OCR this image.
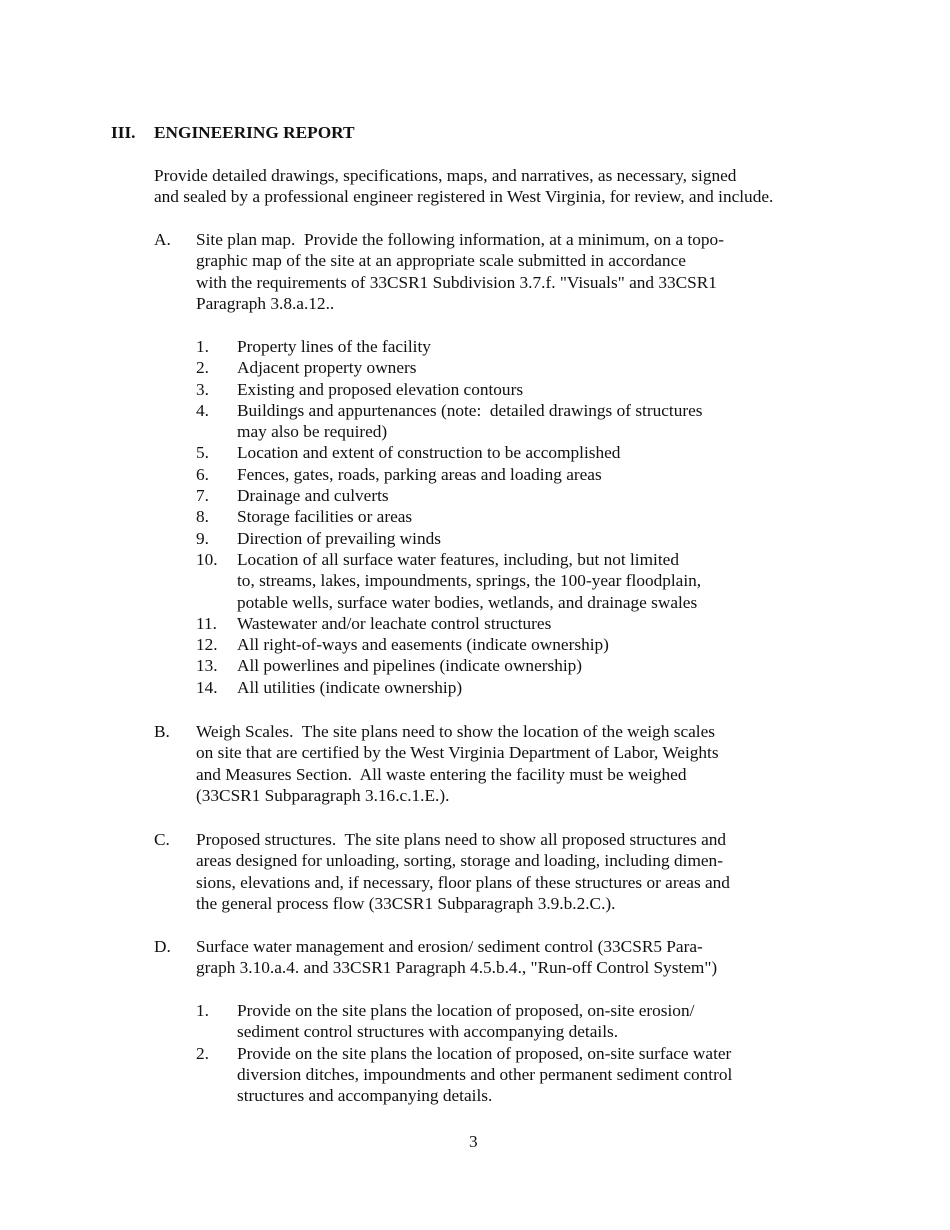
III. ENGINEERING REPORT
Provide detailed drawings, specifications, maps, and narratives, as necessary, signed
and sealed by a professional engineer registered in West Virginia, for review, and include.
A. Site plan map.  Provide the following information, at a minimum, on a topo-
graphic map of the site at an appropriate scale submitted in accordance
with the requirements of 33CSR1 Subdivision 3.7.f. "Visuals" and 33CSR1
Paragraph 3.8.a.12..
1.
2.
3.
4.

5.
6.
7.
8.
9.
10.

11.
12.
13.
14.
Property lines of the facility
Adjacent property owners
Existing and proposed elevation contours
Buildings and appurtenances (note:  detailed drawings of structures
may also be required)
Location and extent of construction to be accomplished
Fences, gates, roads, parking areas and loading areas
Drainage and culverts
Storage facilities or areas
Direction of prevailing winds
Location of all surface water features, including, but not limited
to, streams, lakes, impoundments, springs, the 100-year floodplain,
potable wells, surface water bodies, wetlands, and drainage swales
Wastewater and/or leachate control structures
All right-of-ways and easements (indicate ownership)
All powerlines and pipelines (indicate ownership)
All utilities (indicate ownership)
B. Weigh Scales.  The site plans need to show the location of the weigh scales
on site that are certified by the West Virginia Department of Labor, Weights
and Measures Section.  All waste entering the facility must be weighed
(33CSR1 Subparagraph 3.16.c.1.E.).
C. Proposed structures.  The site plans need to show all proposed structures and
areas designed for unloading, sorting, storage and loading, including dimen-
sions, elevations and, if necessary, floor plans of these structures or areas and
the general process flow (33CSR1 Subparagraph 3.9.b.2.C.).
D. Surface water management and erosion/ sediment control (33CSR5 Para-
graph 3.10.a.4. and 33CSR1 Paragraph 4.5.b.4., "Run-off Control System")
1.

2.
Provide on the site plans the location of proposed, on-site erosion/
sediment control structures with accompanying details.
Provide on the site plans the location of proposed, on-site surface water
diversion ditches, impoundments and other permanent sediment control
structures and accompanying details.
3
